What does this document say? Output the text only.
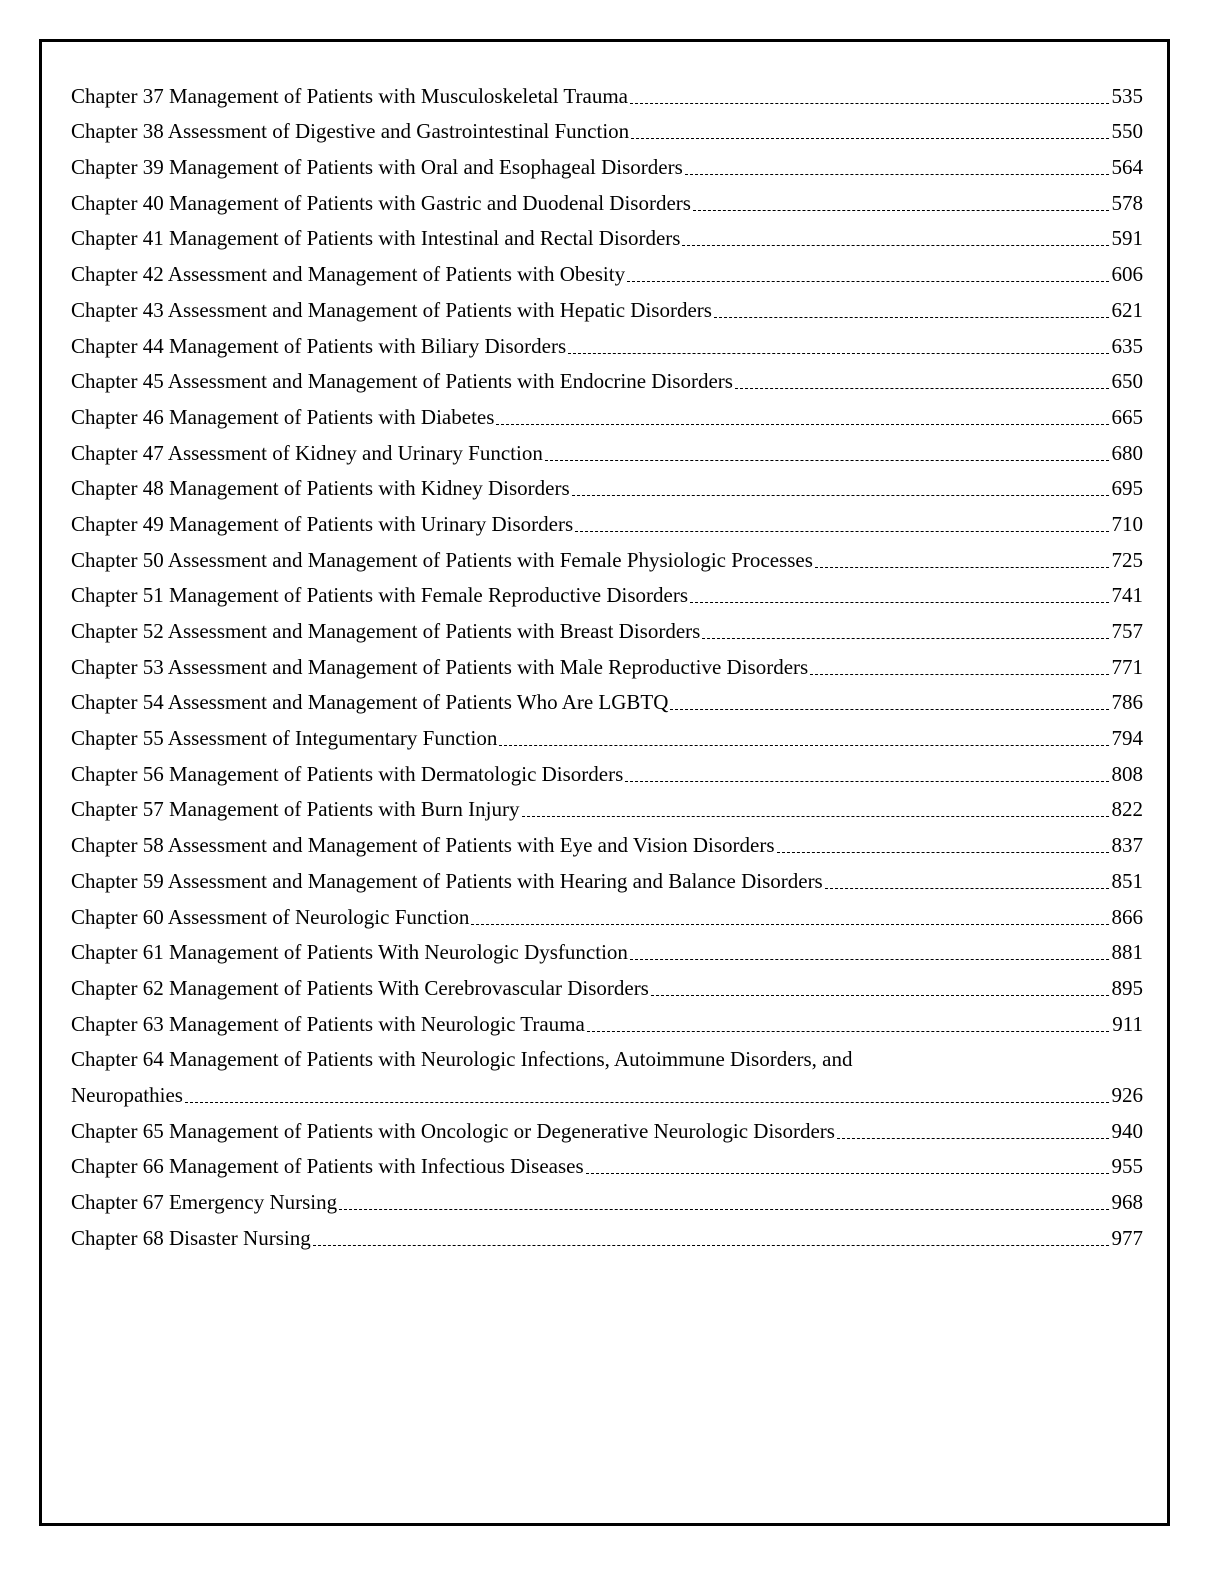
Chapter 37 Management of Patients with Musculoskeletal Trauma	535
Chapter 38 Assessment of Digestive and Gastrointestinal Function	550
Chapter 39 Management of Patients with Oral and Esophageal Disorders	564
Chapter 40 Management of Patients with Gastric and Duodenal Disorders	578
Chapter 41 Management of Patients with Intestinal and Rectal Disorders	591
Chapter 42 Assessment and Management of Patients with Obesity	606
Chapter 43 Assessment and Management of Patients with Hepatic Disorders	621
Chapter 44 Management of Patients with Biliary Disorders	635
Chapter 45 Assessment and Management of Patients with Endocrine Disorders	650
Chapter 46 Management of Patients with Diabetes	665
Chapter 47 Assessment of Kidney and Urinary Function	680
Chapter 48 Management of Patients with Kidney Disorders	695
Chapter 49 Management of Patients with Urinary Disorders	710
Chapter 50 Assessment and Management of Patients with Female Physiologic Processes	725
Chapter 51 Management of Patients with Female Reproductive Disorders	741
Chapter 52 Assessment and Management of Patients with Breast Disorders	757
Chapter 53 Assessment and Management of Patients with Male Reproductive Disorders	771
Chapter 54 Assessment and Management of Patients Who Are LGBTQ	786
Chapter 55 Assessment of Integumentary Function	794
Chapter 56 Management of Patients with Dermatologic Disorders	808
Chapter 57 Management of Patients with Burn Injury	822
Chapter 58 Assessment and Management of Patients with Eye and Vision Disorders	837
Chapter 59 Assessment and Management of Patients with Hearing and Balance Disorders	851
Chapter 60 Assessment of Neurologic Function	866
Chapter 61 Management of Patients With Neurologic Dysfunction	881
Chapter 62 Management of Patients With Cerebrovascular Disorders	895
Chapter 63 Management of Patients with Neurologic Trauma	911
Chapter 64 Management of Patients with Neurologic Infections, Autoimmune Disorders, and
Neuropathies	926
Chapter 65 Management of Patients with Oncologic or Degenerative Neurologic Disorders	940
Chapter 66 Management of Patients with Infectious Diseases	955
Chapter 67 Emergency Nursing	968
Chapter 68 Disaster Nursing	977
